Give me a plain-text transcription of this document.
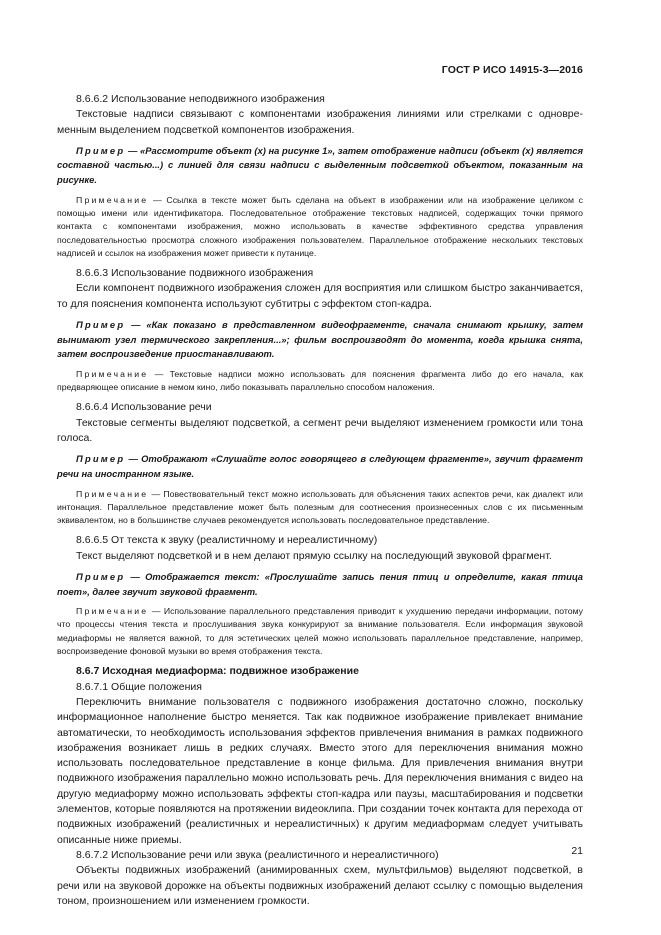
ГОСТ Р ИСО 14915-3—2016
8.6.6.2 Использование неподвижного изображения

Текстовые надписи связывают с компонентами изображения линиями или стрелками с одновременным выделением подсветкой компонентов изображения.

Пример — «Рассмотрите объект (х) на рисунке 1», затем отображение надписи (объект (х) является составной частью...) с линией для связи надписи с выделенным подсветкой объектом, показанным на рисунке.

Примечание — Ссылка в тексте может быть сделана на объект в изображении или на изображение целиком с помощью имени или идентификатора. Последовательное отображение текстовых надписей, содержащих точки прямого контакта с компонентами изображения, можно использовать в качестве эффективного средства управления последовательностью просмотра сложного изображения пользователем. Параллельное отображение нескольких текстовых надписей и ссылок на изображения может привести к путанице.

8.6.6.3 Использование подвижного изображения

Если компонент подвижного изображения сложен для восприятия или слишком быстро заканчивается, то для пояснения компонента используют субтитры с эффектом стоп-кадра.

Пример — «Как показано в представленном видеофрагменте, сначала снимают крышку, затем вынимают узел термического закрепления...»; фильм воспроизводят до момента, когда крышка снята, затем воспроизведение приостанавливают.

Примечание — Текстовые надписи можно использовать для пояснения фрагмента либо до его начала, как предваряющее описание в немом кино, либо показывать параллельно способом наложения.

8.6.6.4 Использование речи

Текстовые сегменты выделяют подсветкой, а сегмент речи выделяют изменением громкости или тона голоса.

Пример — Отображают «Слушайте голос говорящего в следующем фрагменте», звучит фрагмент речи на иностранном языке.

Примечание — Повествовательный текст можно использовать для объяснения таких аспектов речи, как диалект или интонация. Параллельное представление может быть полезным для соотнесения произнесенных слов с их письменным эквивалентом, но в большинстве случаев рекомендуется использовать последовательное представление.

8.6.6.5 От текста к звуку (реалистичному и нереалистичному)

Текст выделяют подсветкой и в нем делают прямую ссылку на последующий звуковой фрагмент.

Пример — Отображается текст: «Прослушайте запись пения птиц и определите, какая птица поет», далее звучит звуковой фрагмент.

Примечание — Использование параллельного представления приводит к ухудшению передачи информации, потому что процессы чтения текста и прослушивания звука конкурируют за внимание пользователя. Если информация звуковой медиаформы не является важной, то для эстетических целей можно использовать параллельное представление, например, воспроизведение фоновой музыки во время отображения текста.

8.6.7 Исходная медиаформа: подвижное изображение
8.6.7.1 Общие положения

Переключить внимание пользователя с подвижного изображения достаточно сложно, поскольку информационное наполнение быстро меняется. Так как подвижное изображение привлекает внимание автоматически, то необходимость использования эффектов привлечения внимания в рамках подвижного изображения возникает лишь в редких случаях. Вместо этого для переключения внимания можно использовать последовательное представление в конце фильма. Для привлечения внимания внутри подвижного изображения параллельно можно использовать речь. Для переключения внимания с видео на другую медиаформу можно использовать эффекты стоп-кадра или паузы, масштабирования и подсветки элементов, которые появляются на протяжении видеоклипа. При создании точек контакта для перехода от подвижных изображений (реалистичных и нереалистичных) к другим медиаформам следует учитывать описанные ниже приемы.

8.6.7.2 Использование речи или звука (реалистичного и нереалистичного)

Объекты подвижных изображений (анимированных схем, мультфильмов) выделяют подсветкой, в речи или на звуковой дорожке на объекты подвижных изображений делают ссылку с помощью выделения тоном, произношением или изменением громкости.

21
